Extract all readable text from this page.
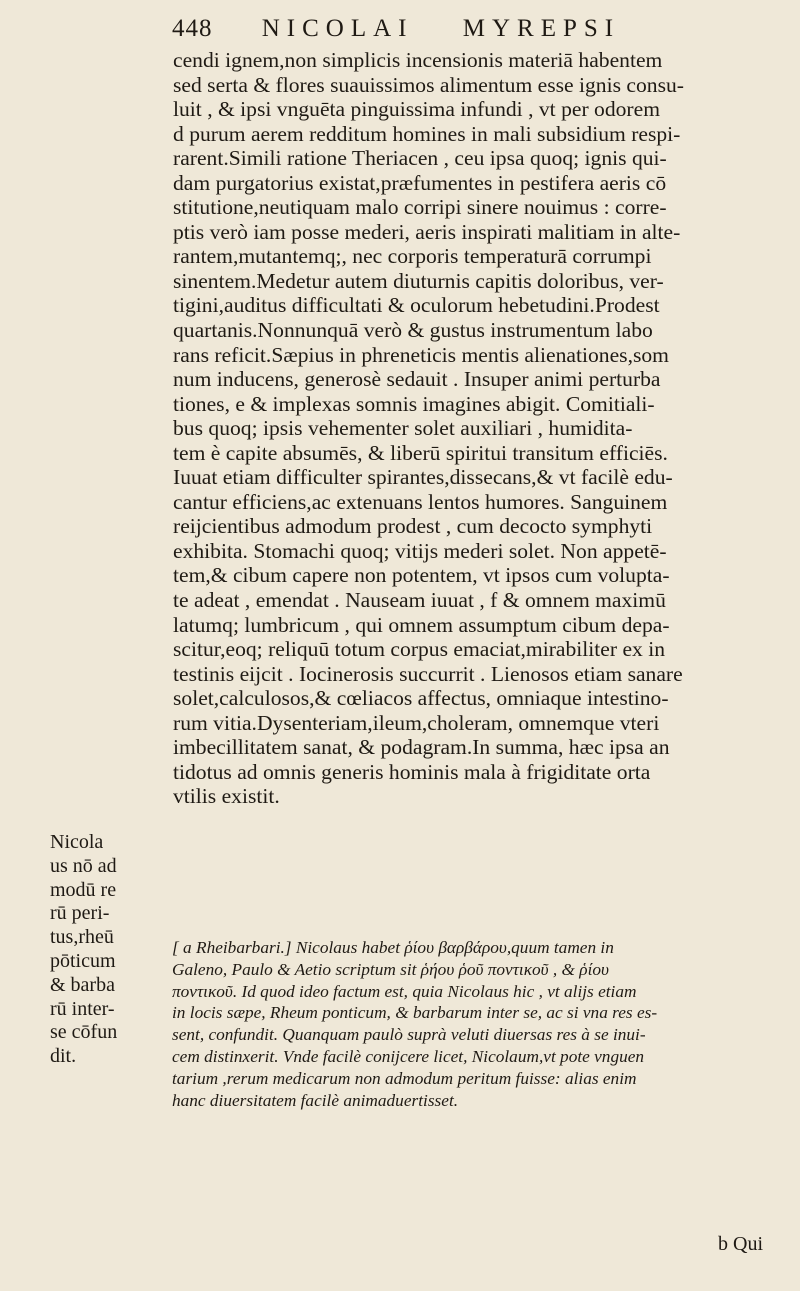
448 NICOLAI MYREPSI
Nicola
us nō ad
modū re
rū peri-
tus,rheū
pōticum
& barba
rū inter-
se cōfun
dit.
cendi ignem,non simplicis incensionis materiā habentem
sed serta & flores suauissimos alimentum esse ignis consu-
luit , & ipsi vnguēta pinguissima infundi , vt per odorem
d purum aerem redditum homines in mali subsidium respi-
rarent.Simili ratione Theriacen , ceu ipsa quoq; ignis qui-
dam purgatorius existat,præfumentes in pestifera aeris cō
stitutione,neutiquam malo corripi sinere nouimus : corre-
ptis verò iam posse mederi, aeris inspirati malitiam in alte-
rantem,mutantemq;, nec corporis temperaturā corrumpi
sinentem.Medetur autem diuturnis capitis doloribus, ver-
tigini,auditus difficultati & oculorum hebetudini.Prodest
quartanis.Nonnunquā verò & gustus instrumentum labo
rans reficit.Sæpius in phreneticis mentis alienationes,som
num inducens, generosè sedauit . Insuper animi perturba
tiones, e & implexas somnis imagines abigit. Comitiali-
bus quoq; ipsis vehementer solet auxiliari , humidita-
tem è capite absumēs, & liberū spiritui transitum efficiēs.
Iuuat etiam difficulter spirantes,dissecans,& vt facilè edu-
cantur efficiens,ac extenuans lentos humores. Sanguinem
reijcientibus admodum prodest , cum decocto symphyti
exhibita. Stomachi quoq; vitijs mederi solet. Non appetē-
tem,& cibum capere non potentem, vt ipsos cum volupta-
te adeat , emendat . Nauseam iuuat , f & omnem maximū
latumq; lumbricum , qui omnem assumptum cibum depa-
scitur,eoq; reliquū totum corpus emaciat,mirabiliter ex in
testinis eijcit . Iocinerosis succurrit . Lienosos etiam sanare
solet,calculosos,& cœliacos affectus, omniaque intestino-
rum vitia.Dysenteriam,ileum,choleram, omnemque vteri
imbecillitatem sanat, & podagram.In summa, hæc ipsa an
tidotus ad omnis generis hominis mala à frigiditate orta
vtilis existit.
[ a Rheibarbari.] Nicolaus habet ῥίου βαρβάρου,quum tamen in
Galeno, Paulo & Aetio scriptum sit ῥήου ῥοῦ ποντικοῦ , & ῥίου
ποντικοῦ. Id quod ideo factum est, quia Nicolaus hic , vt alijs etiam
in locis sæpe, Rheum ponticum, & barbarum inter se, ac si vna res es-
sent, confundit. Quanquam paulò suprà veluti diuersas res à se inui-
cem distinxerit. Vnde facilè conijcere licet, Nicolaum,vt pote vnguen
tarium ,rerum medicarum non admodum peritum fuisse: alias enim
hanc diuersitatem facilè animaduertisset.
b Qui
